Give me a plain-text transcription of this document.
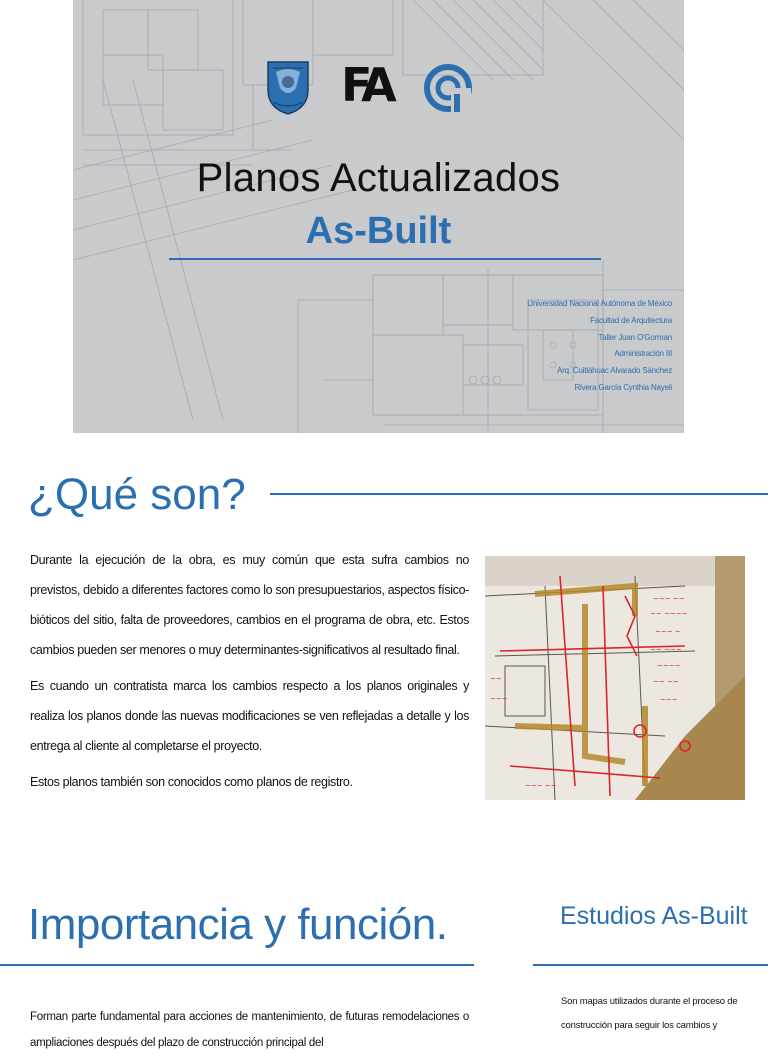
FA
Planos Actualizados
As-Built
Universidad Nacional Autónoma de México
Facultad de Arquitectura
Taller Juan O'Gorman
Administración III
Arq. Cuitláhuac Alvarado Sánchez
Rivera García Cynthia Nayeli
¿Qué son?

Durante la ejecución de la obra, es muy común que esta sufra cambios no previstos, debido a diferentes factores como lo son presupuestarios, aspectos físico-bióticos del sitio, falta de proveedores, cambios en el programa de obra, etc. Estos cambios pueden ser menores o muy determinantes-significativos al resultado final.

Es cuando un contratista marca los cambios respecto a los planos originales y realiza los planos donde las nuevas modificaciones se ven reflejadas a detalle y los entrega al cliente al completarse el proyecto.

Estos planos también son conocidos como planos de registro.

~~~ ~~
~~ ~~~~
~~~ ~
~~ ~~~
~~~~
~~ ~~
~~~
~~
~~~
~~~ ~~
Importancia y función.

Forman parte fundamental para acciones de mantenimiento, de futuras remodelaciones o ampliaciones después del plazo de construcción principal del

Estudios As-Built

Son mapas utilizados durante el proceso de construcción para seguir los cambios y
